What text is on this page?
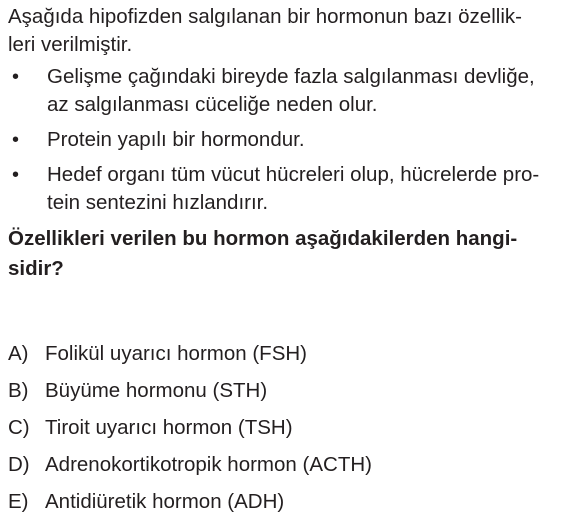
Aşağıda hipofizden salgılanan bir hormonun bazı özellik-
leri verilmiştir.
• Gelişme çağındaki bireyde fazla salgılanması devliğe,
az salgılanması cüceliğe neden olur.
• Protein yapılı bir hormondur.
• Hedef organı tüm vücut hücreleri olup, hücrelerde pro-
tein sentezini hızlandırır.
Özellikleri verilen bu hormon aşağıdakilerden hangi-
sidir?
A) Folikül uyarıcı hormon (FSH)
B) Büyüme hormonu (STH)
C) Tiroit uyarıcı hormon (TSH)
D) Adrenokortikotropik hormon (ACTH)
E) Antidiüretik hormon (ADH)
